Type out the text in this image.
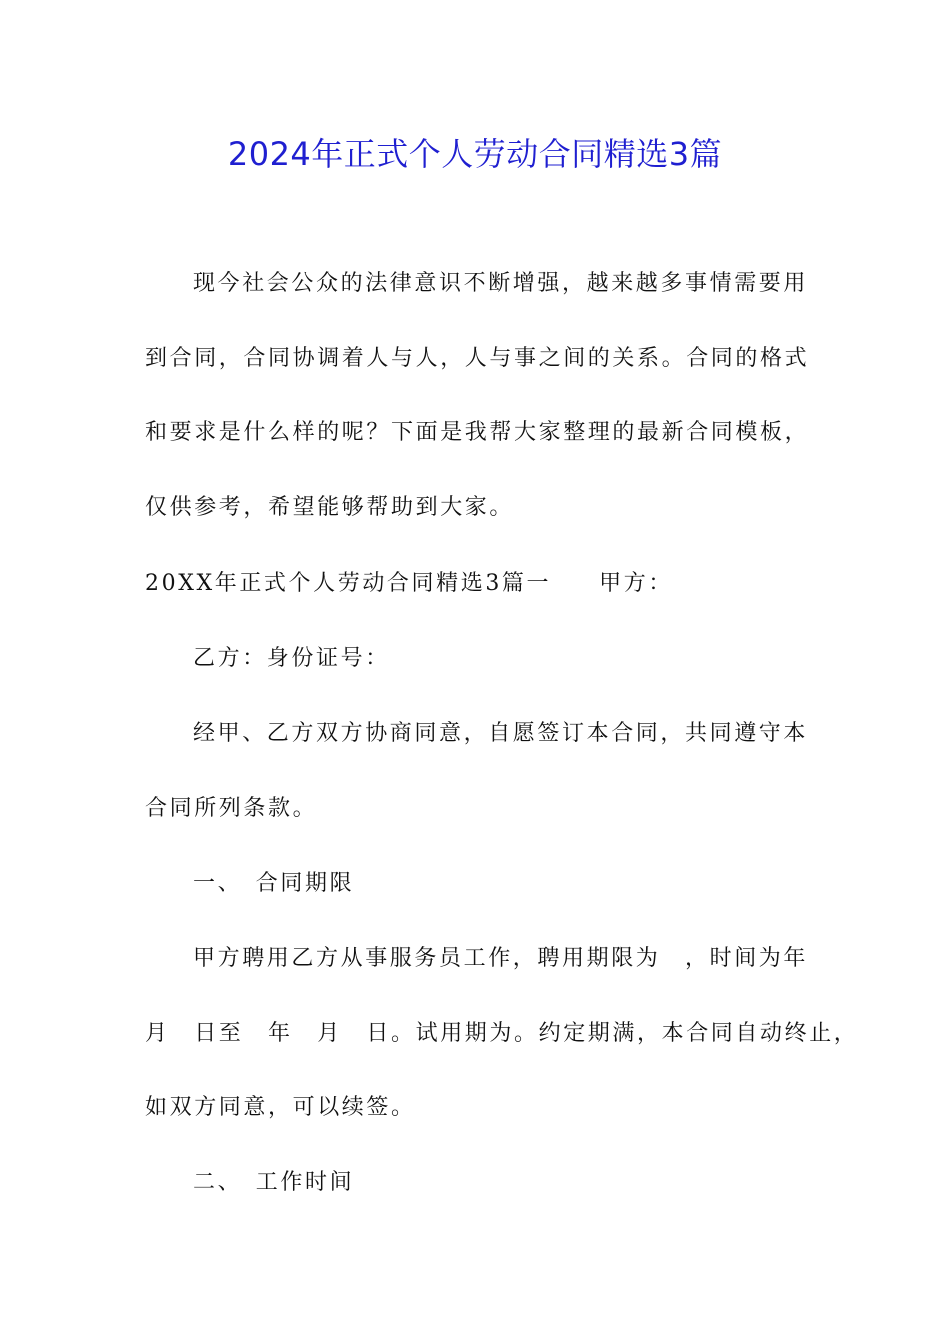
2024年正式个人劳动合同精选3篇

现今社会公众的法律意识不断增强，越来越多事情需要用

到合同，合同协调着人与人，人与事之间的关系。合同的格式

和要求是什么样的呢？下面是我帮大家整理的最新合同模板，

仅供参考，希望能够帮助到大家。

20XX年正式个人劳动合同精选3篇一 甲方：

乙方：身份证号：

经甲、乙方双方协商同意，自愿签订本合同，共同遵守本

合同所列条款。

一、　合同期限

甲方聘用乙方从事服务员工作，聘用期限为　，时间为年

月　日至　年　月　日。试用期为。约定期满，本合同自动终止，

如双方同意，可以续签。

二、　工作时间
